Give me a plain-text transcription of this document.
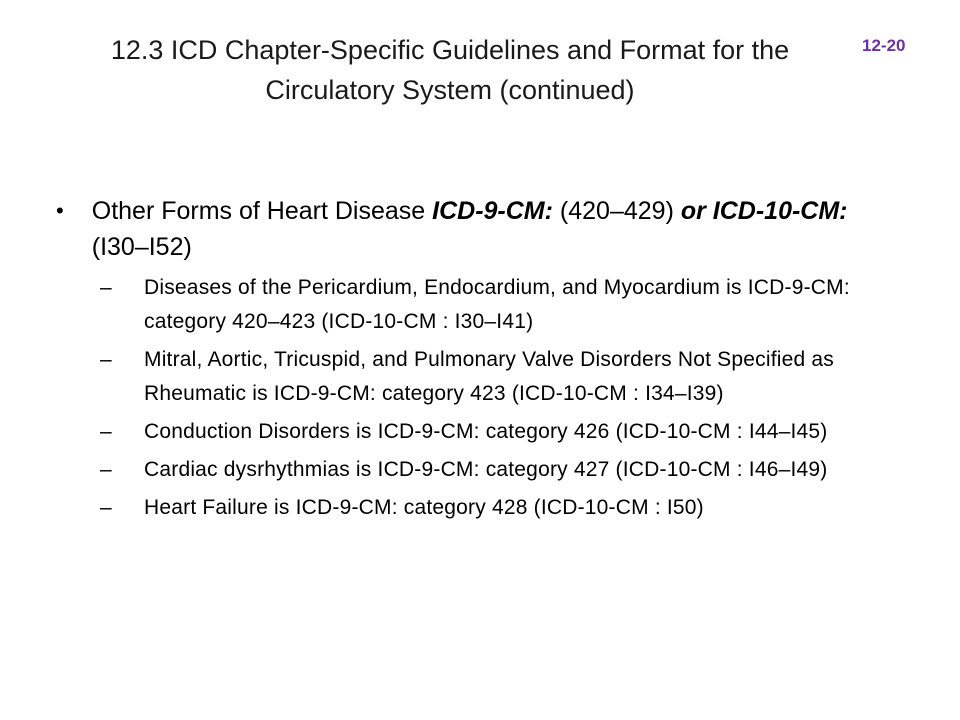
12.3 ICD Chapter-Specific Guidelines and Format for the
Circulatory System (continued)
12-20
•	Other Forms of Heart Disease ICD-9-CM: (420–429) or ICD-10-CM: (I30–I52)
–	Diseases of the Pericardium, Endocardium, and Myocardium is ICD-9-CM: category 420–423 (ICD-10-CM : I30–I41)
–	Mitral, Aortic, Tricuspid, and Pulmonary Valve Disorders Not Specified as Rheumatic is ICD-9-CM: category 423 (ICD-10-CM : I34–I39)
–	Conduction Disorders is ICD-9-CM: category 426 (ICD-10-CM : I44–I45)
–	Cardiac dysrhythmias is ICD-9-CM: category 427 (ICD-10-CM : I46–I49)
–	Heart Failure is ICD-9-CM: category 428 (ICD-10-CM : I50)
